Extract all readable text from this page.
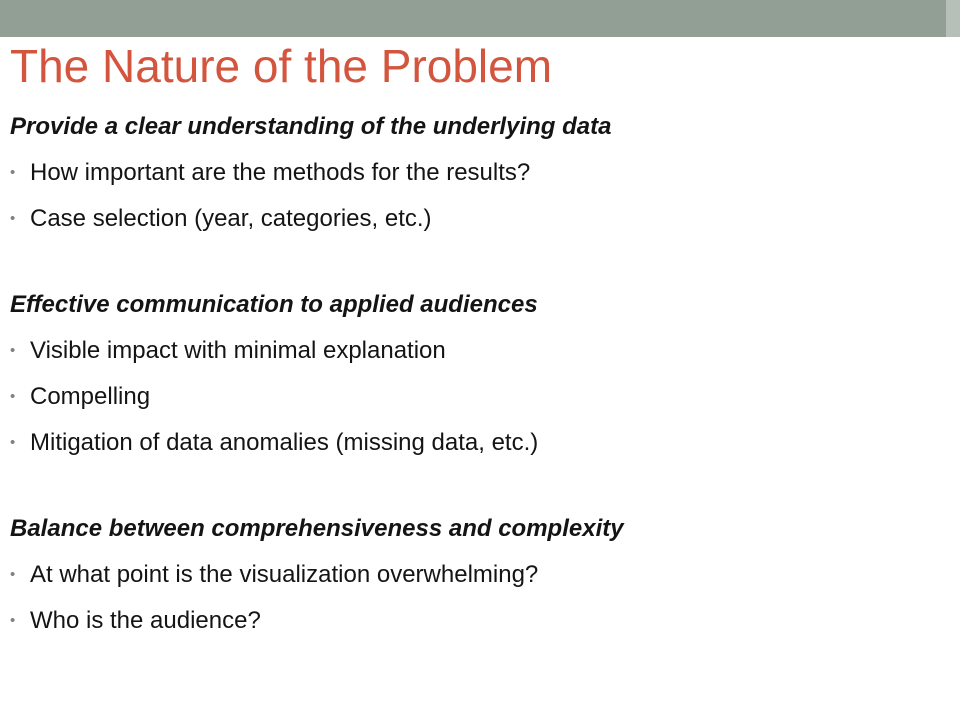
The Nature of the Problem

Provide a clear understanding of the underlying data

• How important are the methods for the results?
• Case selection (year, categories, etc.)

Effective communication to applied audiences

• Visible impact with minimal explanation
• Compelling
• Mitigation of data anomalies (missing data, etc.)

Balance between comprehensiveness and complexity

• At what point is the visualization overwhelming?
• Who is the audience?
